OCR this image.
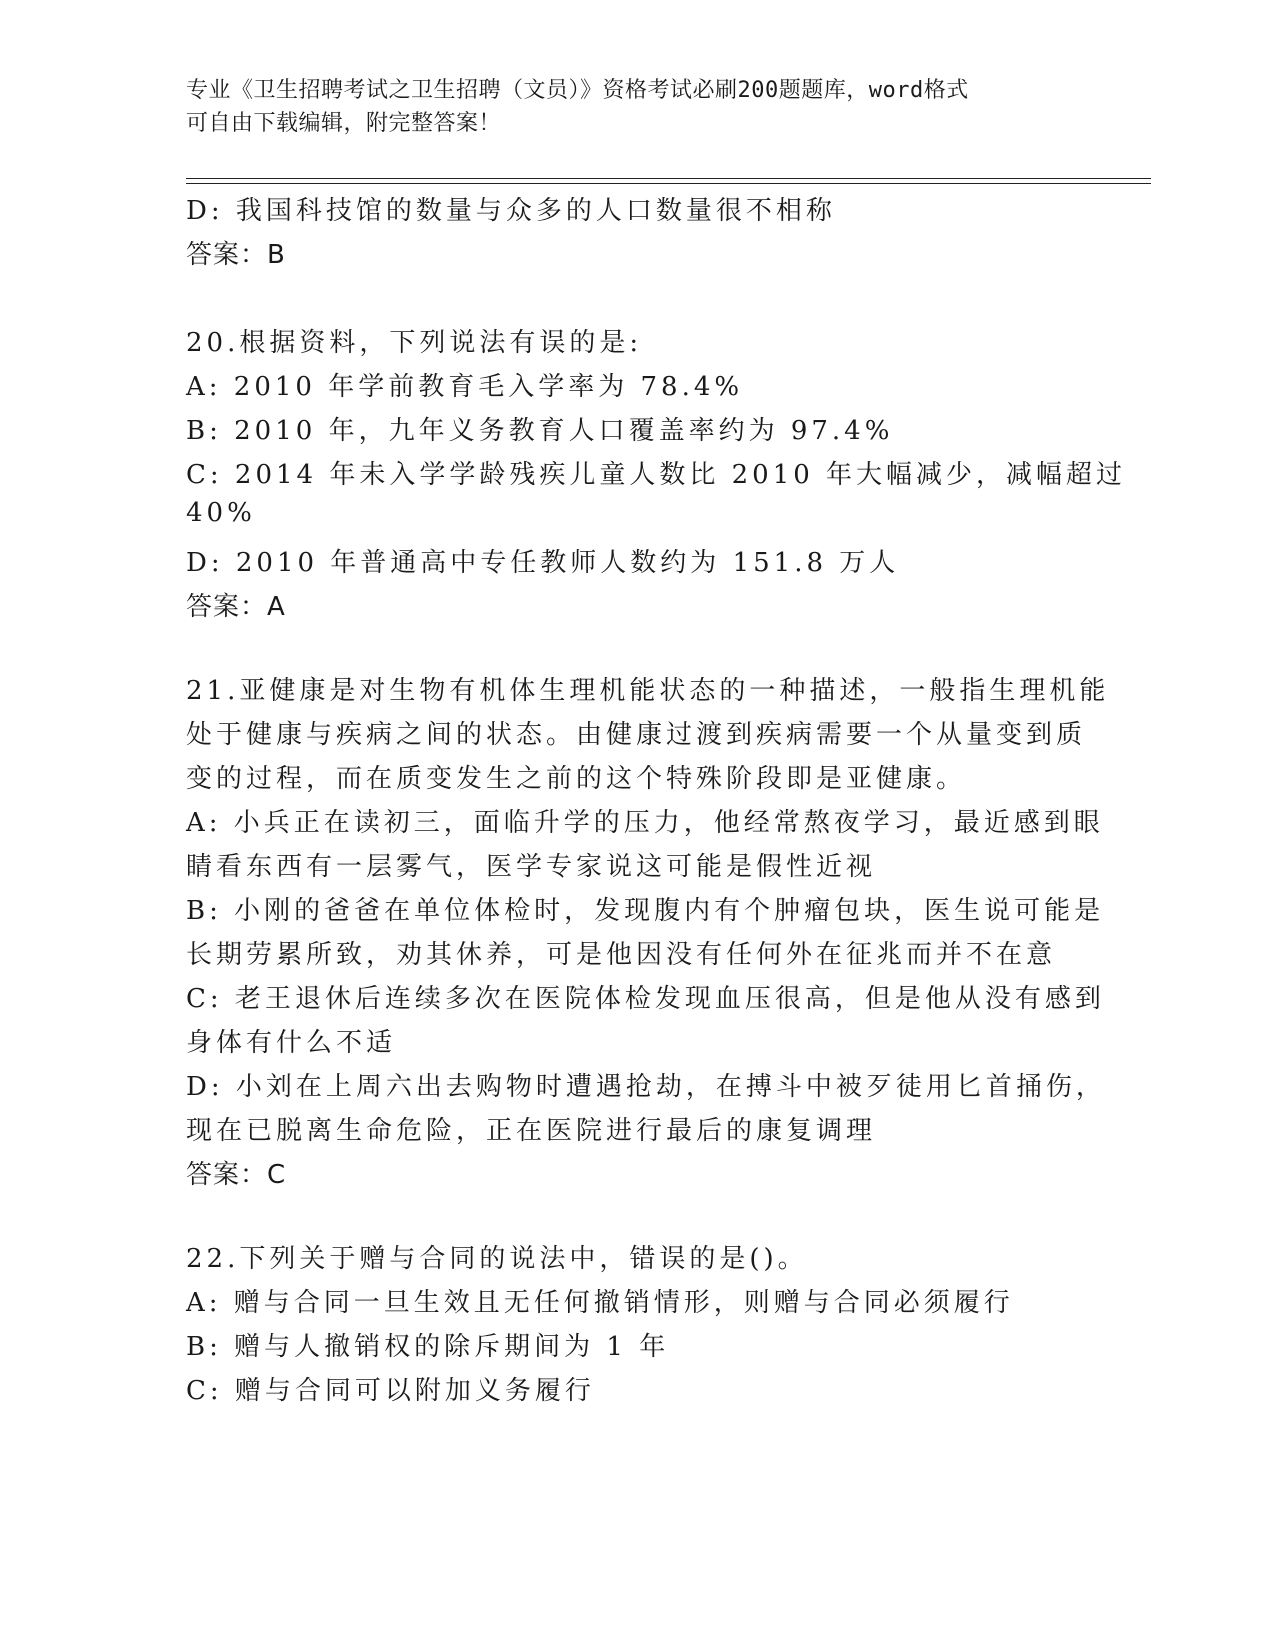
专业《卫生招聘考试之卫生招聘（文员）》资格考试必刷200题题库，word格式
可自由下载编辑，附完整答案！
D: 我国科技馆的数量与众多的人口数量很不相称
答案：B
20.根据资料，下列说法有误的是:
A: 2010 年学前教育毛入学率为 78.4%
B: 2010 年，九年义务教育人口覆盖率约为 97.4%
C: 2014 年未入学学龄残疾儿童人数比 2010 年大幅减少，减幅超过
40%
D: 2010 年普通高中专任教师人数约为 151.8 万人
答案：A
21.亚健康是对生物有机体生理机能状态的一种描述，一般指生理机能
处于健康与疾病之间的状态。由健康过渡到疾病需要一个从量变到质
变的过程，而在质变发生之前的这个特殊阶段即是亚健康。
A: 小兵正在读初三，面临升学的压力，他经常熬夜学习，最近感到眼
睛看东西有一层雾气，医学专家说这可能是假性近视
B: 小刚的爸爸在单位体检时，发现腹内有个肿瘤包块，医生说可能是
长期劳累所致，劝其休养，可是他因没有任何外在征兆而并不在意
C: 老王退休后连续多次在医院体检发现血压很高，但是他从没有感到
身体有什么不适
D: 小刘在上周六出去购物时遭遇抢劫，在搏斗中被歹徒用匕首捅伤，
现在已脱离生命危险，正在医院进行最后的康复调理
答案：C
22.下列关于赠与合同的说法中，错误的是()。
A: 赠与合同一旦生效且无任何撤销情形，则赠与合同必须履行
B: 赠与人撤销权的除斥期间为 1 年
C: 赠与合同可以附加义务履行
